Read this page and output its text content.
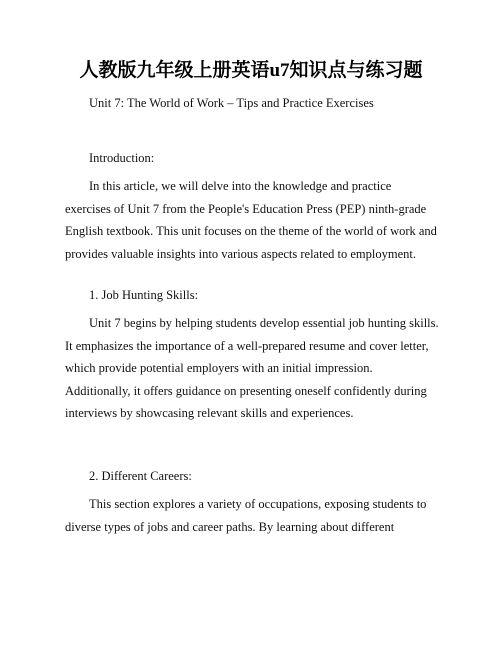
人教版九年级上册英语u7知识点与练习题

Unit 7: The World of Work – Tips and Practice Exercises

Introduction:

In this article, we will delve into the knowledge and practice exercises of Unit 7 from the People's Education Press (PEP) ninth-grade English textbook. This unit focuses on the theme of the world of work and provides valuable insights into various aspects related to employment.

1. Job Hunting Skills:

Unit 7 begins by helping students develop essential job hunting skills. It emphasizes the importance of a well-prepared resume and cover letter, which provide potential employers with an initial impression. Additionally, it offers guidance on presenting oneself confidently during interviews by showcasing relevant skills and experiences.

2. Different Careers:

This section explores a variety of occupations, exposing students to diverse types of jobs and career paths. By learning about different
